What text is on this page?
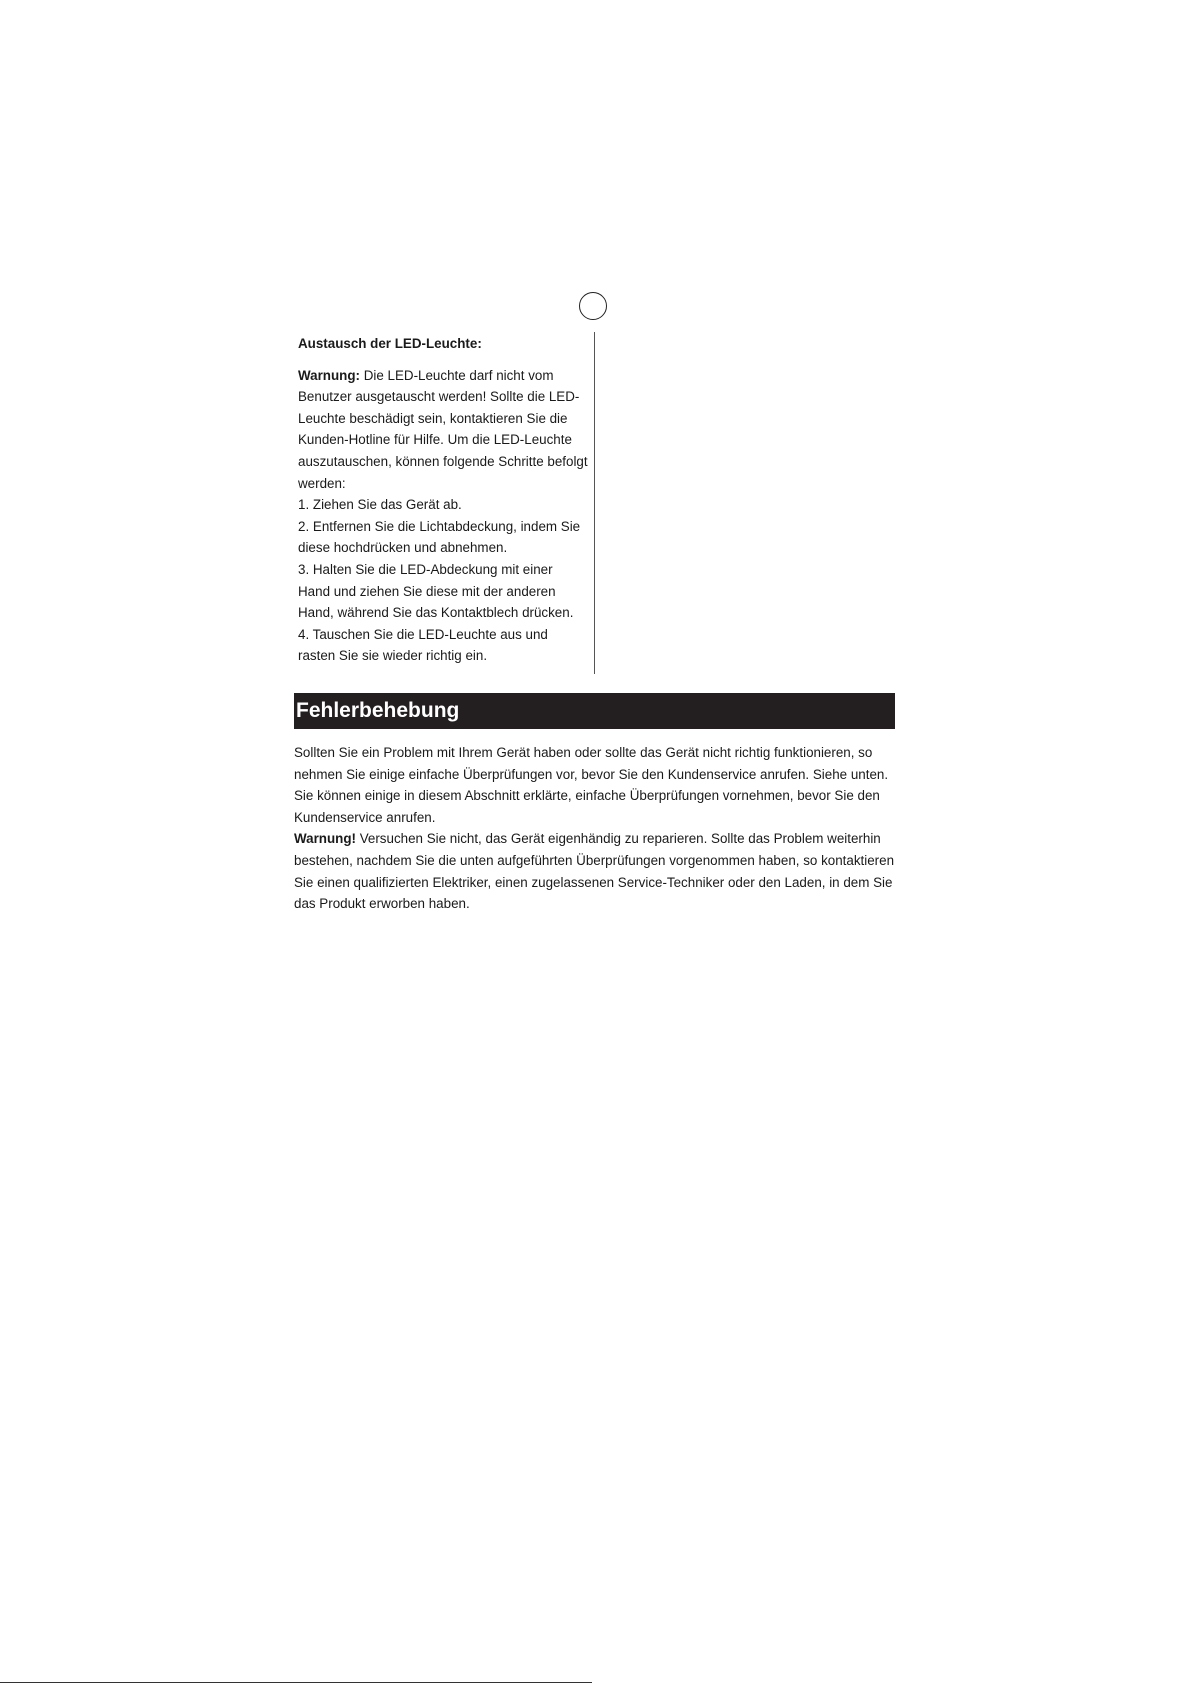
Austausch der LED-Leuchte:

Warnung: Die LED-Leuchte darf nicht vom Benutzer ausgetauscht werden! Sollte die LED-Leuchte beschädigt sein, kontaktieren Sie die Kunden-Hotline für Hilfe. Um die LED-Leuchte auszutauschen, können folgende Schritte befolgt werden:

1. Ziehen Sie das Gerät ab.

2. Entfernen Sie die Lichtabdeckung, indem Sie diese hochdrücken und abnehmen.

3. Halten Sie die LED-Abdeckung mit einer Hand und ziehen Sie diese mit der anderen Hand, während Sie das Kontaktblech drücken.

4. Tauschen Sie die LED-Leuchte aus und rasten Sie sie wieder richtig ein.

Fehlerbehebung

Sollten Sie ein Problem mit Ihrem Gerät haben oder sollte das Gerät nicht richtig funktionieren, so nehmen Sie einige einfache Überprüfungen vor, bevor Sie den Kundenservice anrufen. Siehe unten. Sie können einige in diesem Abschnitt erklärte, einfache Überprüfungen vornehmen, bevor Sie den Kundenservice anrufen.

Warnung! Versuchen Sie nicht, das Gerät eigenhändig zu reparieren. Sollte das Problem weiterhin bestehen, nachdem Sie die unten aufgeführten Überprüfungen vorgenommen haben, so kontaktieren Sie einen qualifizierten Elektriker, einen zugelassenen Service-Techniker oder den Laden, in dem Sie das Produkt erworben haben.
